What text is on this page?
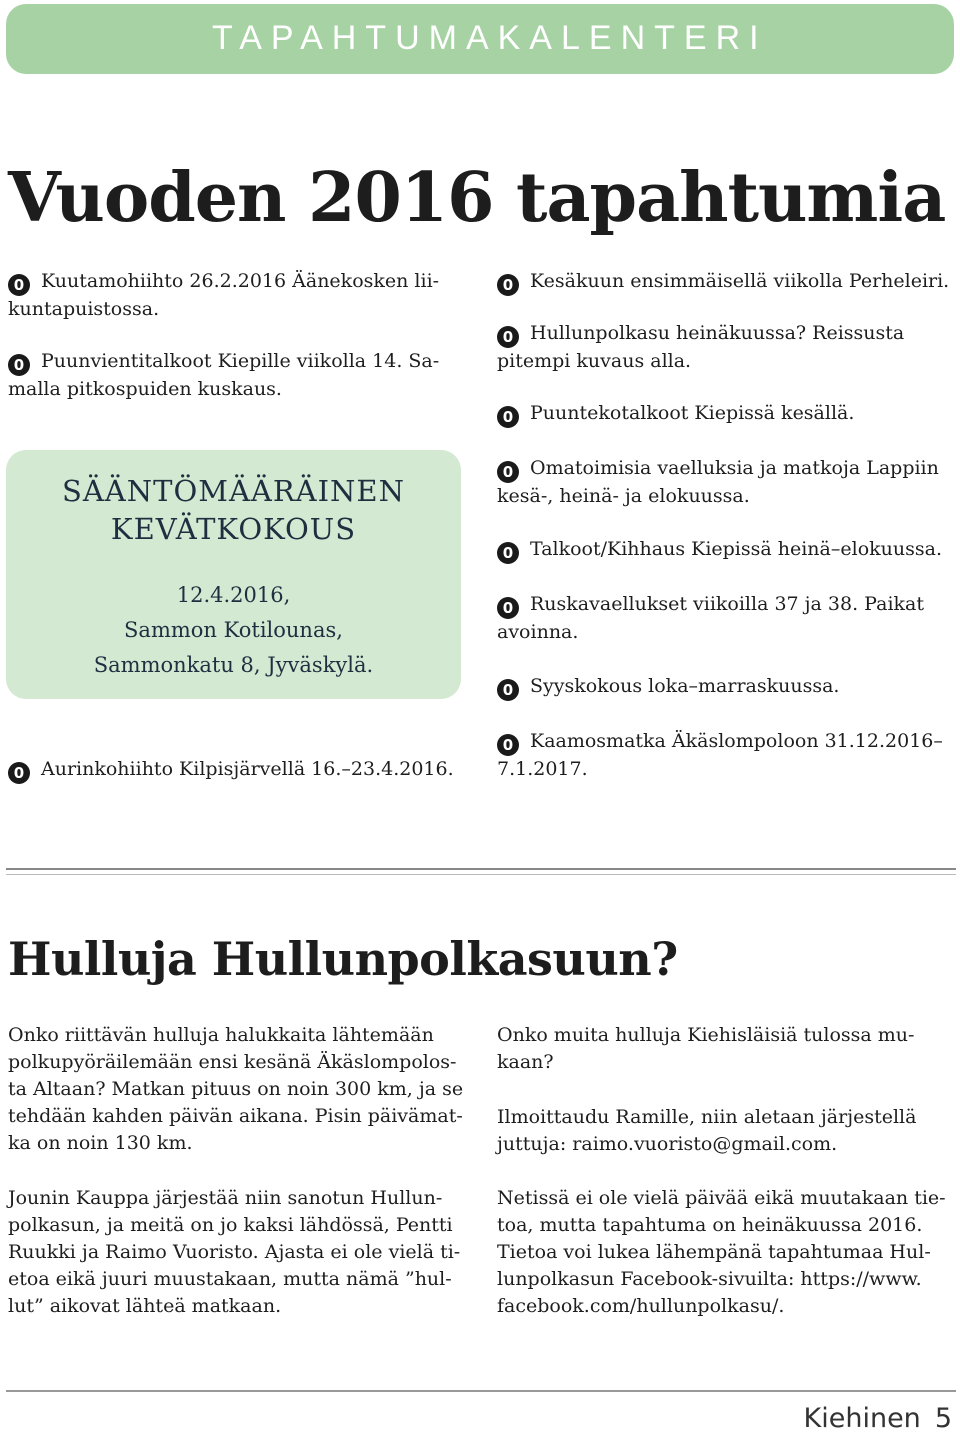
TAPAHTUMAKALENTERI
Vuoden 2016 tapahtumia
0 Kuutamohiihto 26.2.2016 Äänekosken lii-
kuntapuistossa.
0 Puunvientitalkoot Kiepille viikolla 14. Sa-
malla pitkospuiden kuskaus.
SÄÄNTÖMÄÄRÄINEN
KEVÄTKOKOUS
12.4.2016,
Sammon Kotilounas,
Sammonkatu 8, Jyväskylä.
0 Aurinkohiihto Kilpisjärvellä 16.–23.4.2016.
0 Kesäkuun ensimmäisellä viikolla Perheleiri.
0 Hullunpolkasu heinäkuussa? Reissusta
pitempi kuvaus alla.
0 Puuntekotalkoot Kiepissä kesällä.
0 Omatoimisia vaelluksia ja matkoja Lappiin
kesä-, heinä- ja elokuussa.
0 Talkoot/Kihhaus Kiepissä heinä–elokuussa.
0 Ruskavaellukset viikoilla 37 ja 38. Paikat
avoinna.
0 Syyskokous loka–marraskuussa.
0 Kaamosmatka Äkäslompoloon 31.12.2016–
7.1.2017.
Hulluja Hullunpolkasuun?
Onko riittävän hulluja halukkaita lähtemään
polkupyöräilemään ensi kesänä Äkäslompolos-
ta Altaan? Matkan pituus on noin 300 km, ja se
tehdään kahden päivän aikana. Pisin päivämat-
ka on noin 130 km.
Jounin Kauppa järjestää niin sanotun Hullun-
polkasun, ja meitä on jo kaksi lähdössä, Pentti
Ruukki ja Raimo Vuoristo. Ajasta ei ole vielä ti-
etoa eikä juuri muustakaan, mutta nämä ”hul-
lut” aikovat lähteä matkaan.
Onko muita hulluja Kiehisläisiä tulossa mu-
kaan?
Ilmoittaudu Ramille, niin aletaan järjestellä
juttuja: raimo.vuoristo@gmail.com.
Netissä ei ole vielä päivää eikä muutakaan tie-
toa, mutta tapahtuma on heinäkuussa 2016.
Tietoa voi lukea lähempänä tapahtumaa Hul-
lunpolkasun Facebook-sivuilta: https://www.
facebook.com/hullunpolkasu/.
Kiehinen 5
